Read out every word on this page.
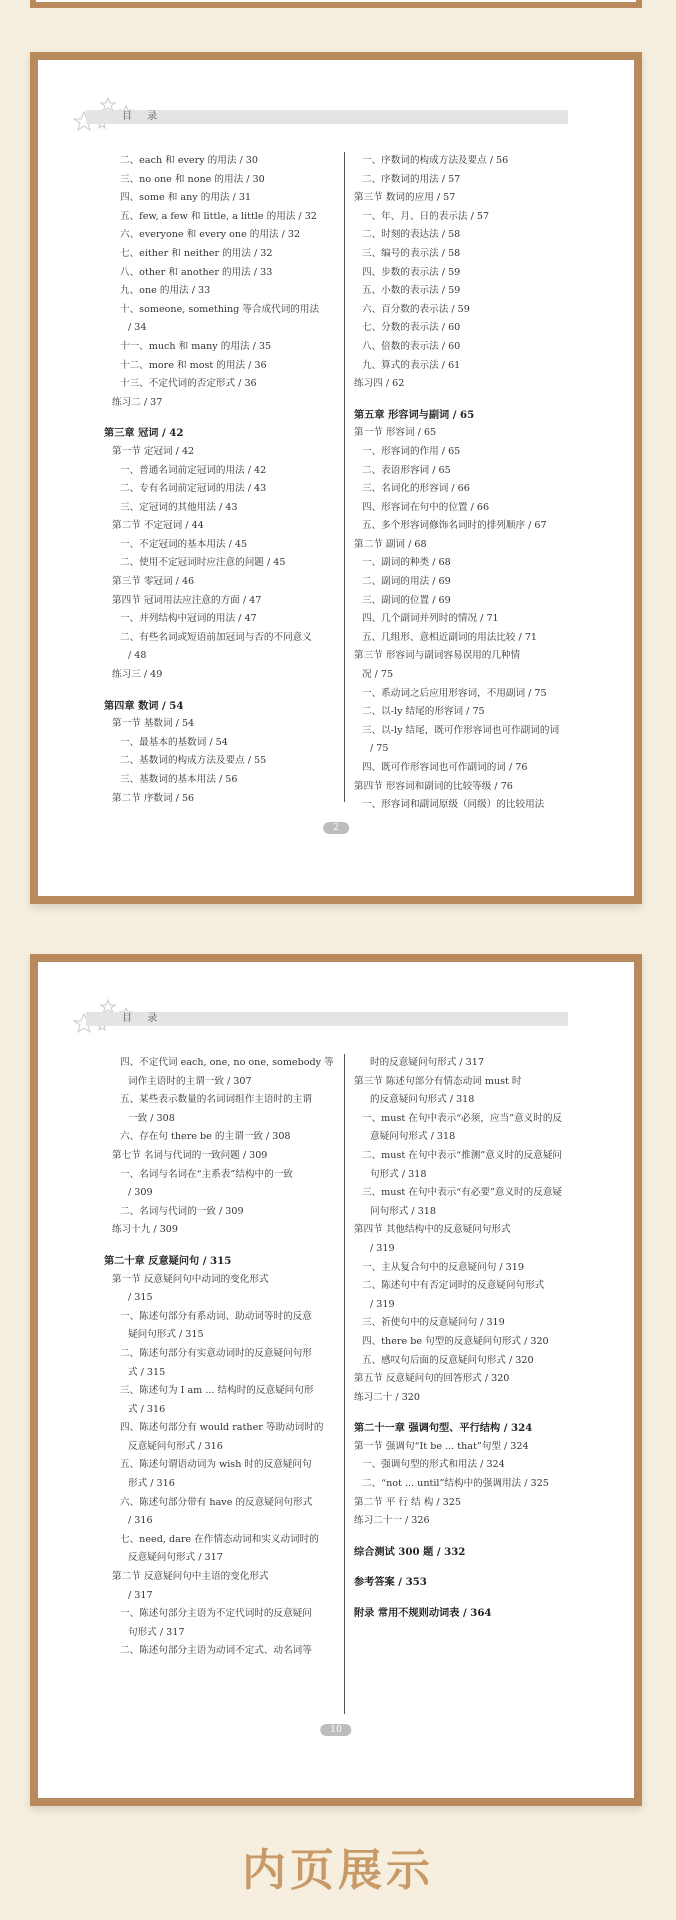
目 录
二、each 和 every 的用法 / 30
三、no one 和 none 的用法 / 30
四、some 和 any 的用法 / 31
五、few, a few 和 little, a little 的用法 / 32
六、everyone 和 every one 的用法 / 32
七、either 和 neither 的用法 / 32
八、other 和 another 的用法 / 33
九、one 的用法 / 33
十、someone, something 等合成代词的用法
/ 34
十一、much 和 many 的用法 / 35
十二、more 和 most 的用法 / 36
十三、不定代词的否定形式 / 36
练习二 / 37
第三章 冠词 / 42
第一节 定冠词 / 42
一、普通名词前定冠词的用法 / 42
二、专有名词前定冠词的用法 / 43
三、定冠词的其他用法 / 43
第二节 不定冠词 / 44
一、不定冠词的基本用法 / 45
二、使用不定冠词时应注意的问题 / 45
第三节 零冠词 / 46
第四节 冠词用法应注意的方面 / 47
一、并列结构中冠词的用法 / 47
二、有些名词或短语前加冠词与否的不同意义
/ 48
练习三 / 49
第四章 数词 / 54
第一节 基数词 / 54
一、最基本的基数词 / 54
二、基数词的构成方法及要点 / 55
三、基数词的基本用法 / 56
第二节 序数词 / 56
一、序数词的构成方法及要点 / 56
二、序数词的用法 / 57
第三节 数词的应用 / 57
一、年、月、日的表示法 / 57
二、时刻的表达法 / 58
三、编号的表示法 / 58
四、步数的表示法 / 59
五、小数的表示法 / 59
六、百分数的表示法 / 59
七、分数的表示法 / 60
八、倍数的表示法 / 60
九、算式的表示法 / 61
练习四 / 62
第五章 形容词与副词 / 65
第一节 形容词 / 65
一、形容词的作用 / 65
二、表语形容词 / 65
三、名词化的形容词 / 66
四、形容词在句中的位置 / 66
五、多个形容词修饰名词时的排列顺序 / 67
第二节 副词 / 68
一、副词的种类 / 68
二、副词的用法 / 69
三、副词的位置 / 69
四、几个副词并列时的情况 / 71
五、几组形、意相近副词的用法比较 / 71
第三节 形容词与副词容易误用的几种情
况 / 75
一、系动词之后应用形容词，不用副词 / 75
二、以-ly 结尾的形容词 / 75
三、以-ly 结尾，既可作形容词也可作副词的词
/ 75
四、既可作形容词也可作副词的词 / 76
第四节 形容词和副词的比较等级 / 76
一、形容词和副词原级（同级）的比较用法
2
目 录
四、不定代词 each, one, no one, somebody 等
词作主语时的主谓一致 / 307
五、某些表示数量的名词词组作主语时的主谓
一致 / 308
六、存在句 there be 的主谓一致 / 308
第七节 名词与代词的一致问题 / 309
一、名词与名词在“主系表”结构中的一致
/ 309
二、名词与代词的一致 / 309
练习十九 / 309
第二十章 反意疑问句 / 315
第一节 反意疑问句中动词的变化形式
/ 315
一、陈述句部分有系动词、助动词等时的反意
疑问句形式 / 315
二、陈述句部分有实意动词时的反意疑问句形
式 / 315
三、陈述句为 I am ... 结构时的反意疑问句形
式 / 316
四、陈述句部分有 would rather 等助动词时的
反意疑问句形式 / 316
五、陈述句谓语动词为 wish 时的反意疑问句
形式 / 316
六、陈述句部分带有 have 的反意疑问句形式
/ 316
七、need, dare 在作情态动词和实义动词时的
反意疑问句形式 / 317
第二节 反意疑问句中主语的变化形式
/ 317
一、陈述句部分主语为不定代词时的反意疑问
句形式 / 317
二、陈述句部分主语为动词不定式、动名词等
时的反意疑问句形式 / 317
第三节 陈述句部分有情态动词 must 时
的反意疑问句形式 / 318
一、must 在句中表示“必须，应当”意义时的反
意疑问句形式 / 318
二、must 在句中表示“推测”意义时的反意疑问
句形式 / 318
三、must 在句中表示“有必要”意义时的反意疑
问句形式 / 318
第四节 其他结构中的反意疑问句形式
/ 319
一、主从复合句中的反意疑问句 / 319
二、陈述句中有否定词时的反意疑问句形式
/ 319
三、祈使句中的反意疑问句 / 319
四、there be 句型的反意疑问句形式 / 320
五、感叹句后面的反意疑问句形式 / 320
第五节 反意疑问句的回答形式 / 320
练习二十 / 320
第二十一章 强调句型、平行结构 / 324
第一节 强调句“It be ... that”句型 / 324
一、强调句型的形式和用法 / 324
二、“not ... until”结构中的强调用法 / 325
第二节 平 行 结 构 / 325
练习二十一 / 326
综合测试 300 题 / 332
参考答案 / 353
附录 常用不规则动词表 / 364
10
内页展示
